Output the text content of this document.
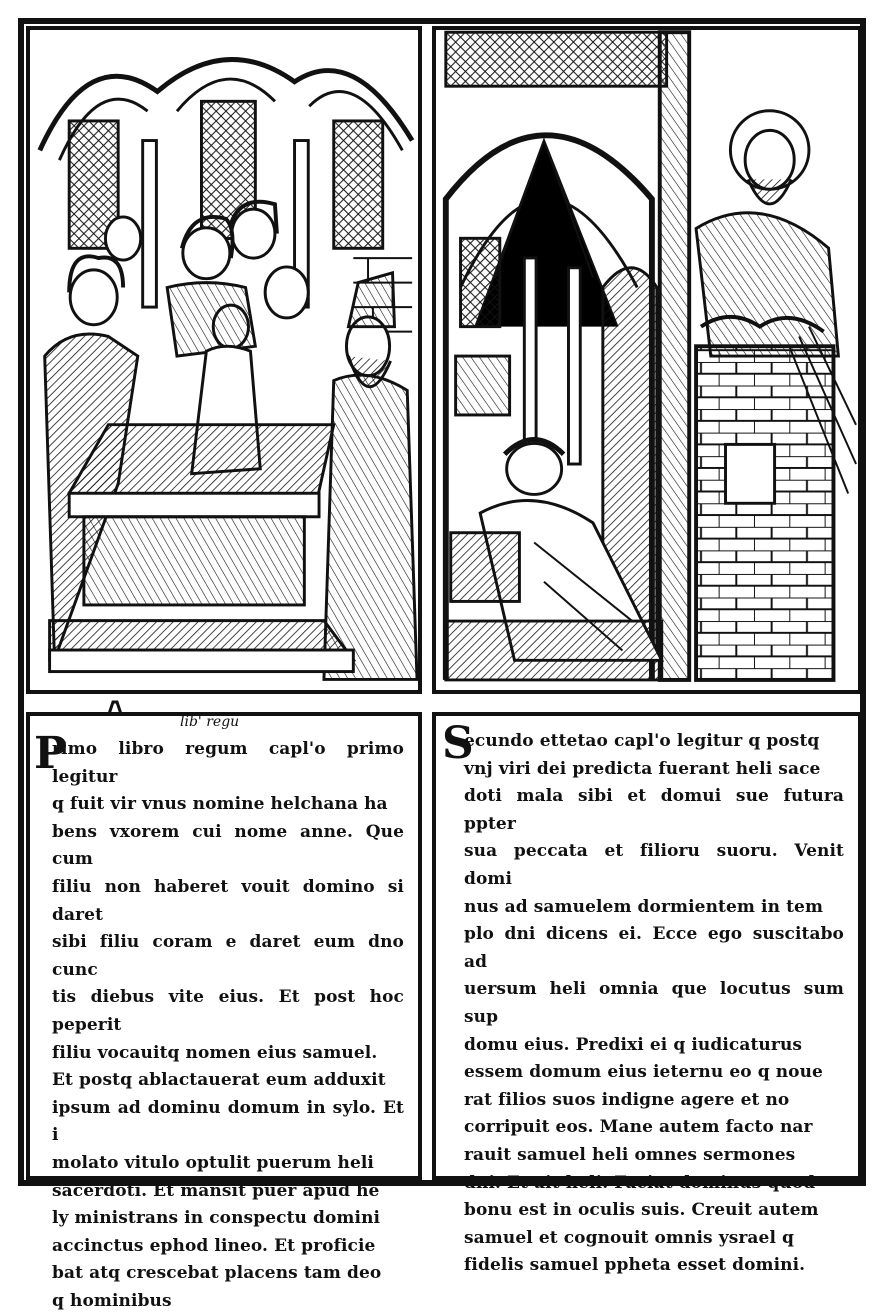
lib' regu
P
rimo libro regum capl'o primo legitur
q fuit vir vnus nomine helchana ha
bens vxorem cui nome anne. Que cum
filiu non haberet vouit domino si daret
sibi filiu coram e daret eum dno cunc
tis diebus vite eius. Et post hoc peperit
filiu vocauitq nomen eius samuel.
Et postq ablactauerat eum adduxit
ipsum ad dominu domum in sylo. Et i
molato vitulo optulit puerum heli
sacerdoti. Et mansit puer apud he
ly ministrans in conspectu domini
accinctus ephod lineo. Et proficie
bat atq crescebat placens tam deo
q hominibus
S
ecundo ettetao capl'o legitur q postq
vnj viri dei predicta fuerant heli sace
doti mala sibi et domui sue futura ppter
sua peccata et filioru suoru. Venit domi
nus ad samuelem dormientem in tem
plo dni dicens ei. Ecce ego suscitabo ad
uersum heli omnia que locutus sum sup
domu eius. Predixi ei q iudicaturus
essem domum eius ieternu eo q noue
rat filios suos indigne agere et no
corripuit eos. Mane autem facto nar
rauit samuel heli omnes sermones
dni. Et ait heli. Faciat dominus quod
bonu est in oculis suis. Creuit autem
samuel et cognouit omnis ysrael q
fidelis samuel ppheta esset domini.
